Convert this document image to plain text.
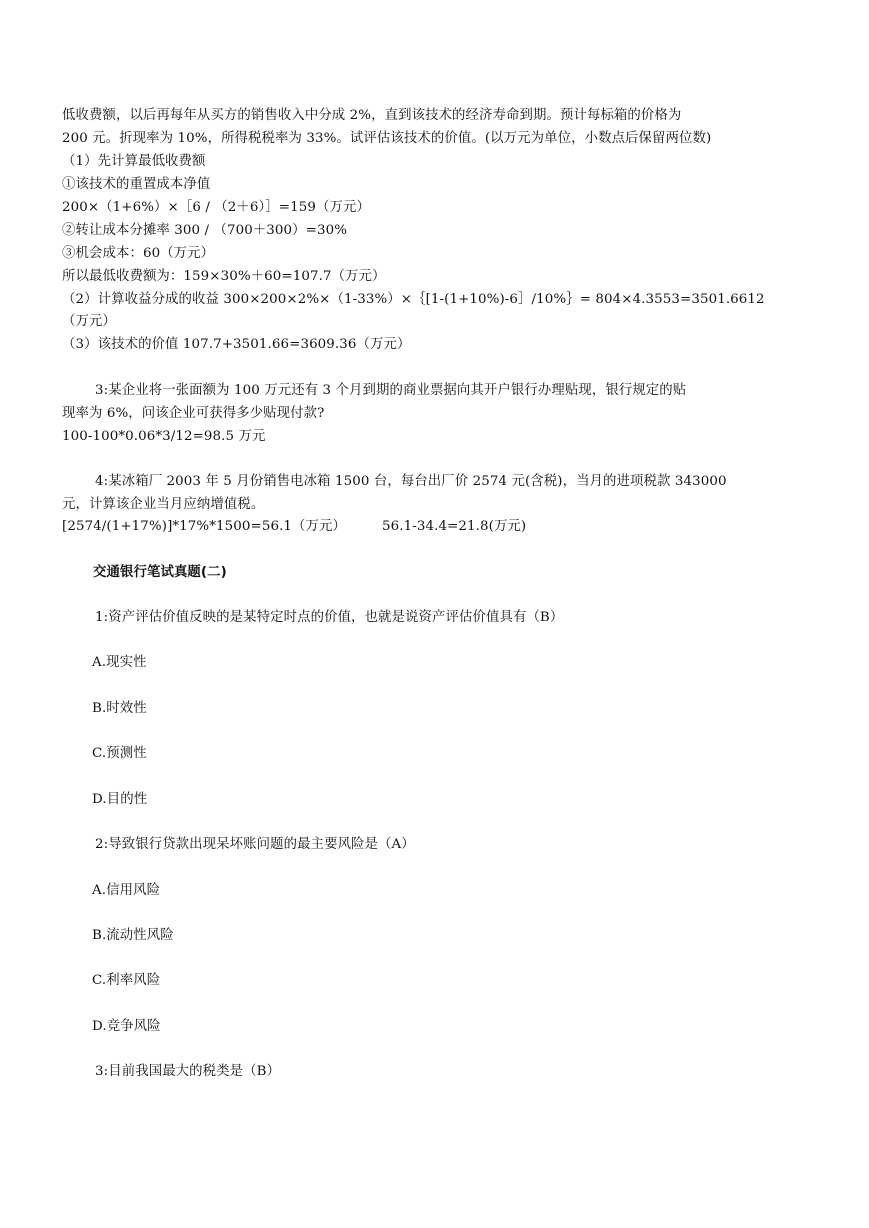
低收费额，以后再每年从买方的销售收入中分成 2%，直到该技术的经济寿命到期。预计每标箱的价格为
200 元。折现率为 10%，所得税税率为 33%。试评估该技术的价值。(以万元为单位，小数点后保留两位数)
（1）先计算最低收费额
①该技术的重置成本净值
200×（1+6%）×［6 / （2＋6）］=159（万元）
②转让成本分摊率 300 / （700＋300）=30%
③机会成本：60（万元）
所以最低收费额为：159×30%＋60=107.7（万元）
（2）计算收益分成的收益 300×200×2%×（1-33%）×｛[1-(1+10%)-6］/10%｝= 804×4.3553=3501.6612
（万元）
（3）该技术的价值 107.7+3501.66=3609.36（万元）
3:某企业将一张面额为 100 万元还有 3 个月到期的商业票据向其开户银行办理贴现，银行规定的贴
现率为 6%，问该企业可获得多少贴现付款?
100-100*0.06*3/12=98.5 万元
4:某冰箱厂 2003 年 5 月份销售电冰箱 1500 台，每台出厂价 2574 元(含税)，当月的进项税款 343000
元，计算该企业当月应纳增值税。
[2574/(1+17%)]*17%*1500=56.1（万元）	56.1-34.4=21.8(万元)
交通银行笔试真题(二)
1:资产评估价值反映的是某特定时点的价值，也就是说资产评估价值具有（B）
A.现实性
B.时效性
C.预测性
D.目的性
2:导致银行贷款出现呆坏账问题的最主要风险是（A）
A.信用风险
B.流动性风险
C.利率风险
D.竞争风险
3:目前我国最大的税类是（B）
